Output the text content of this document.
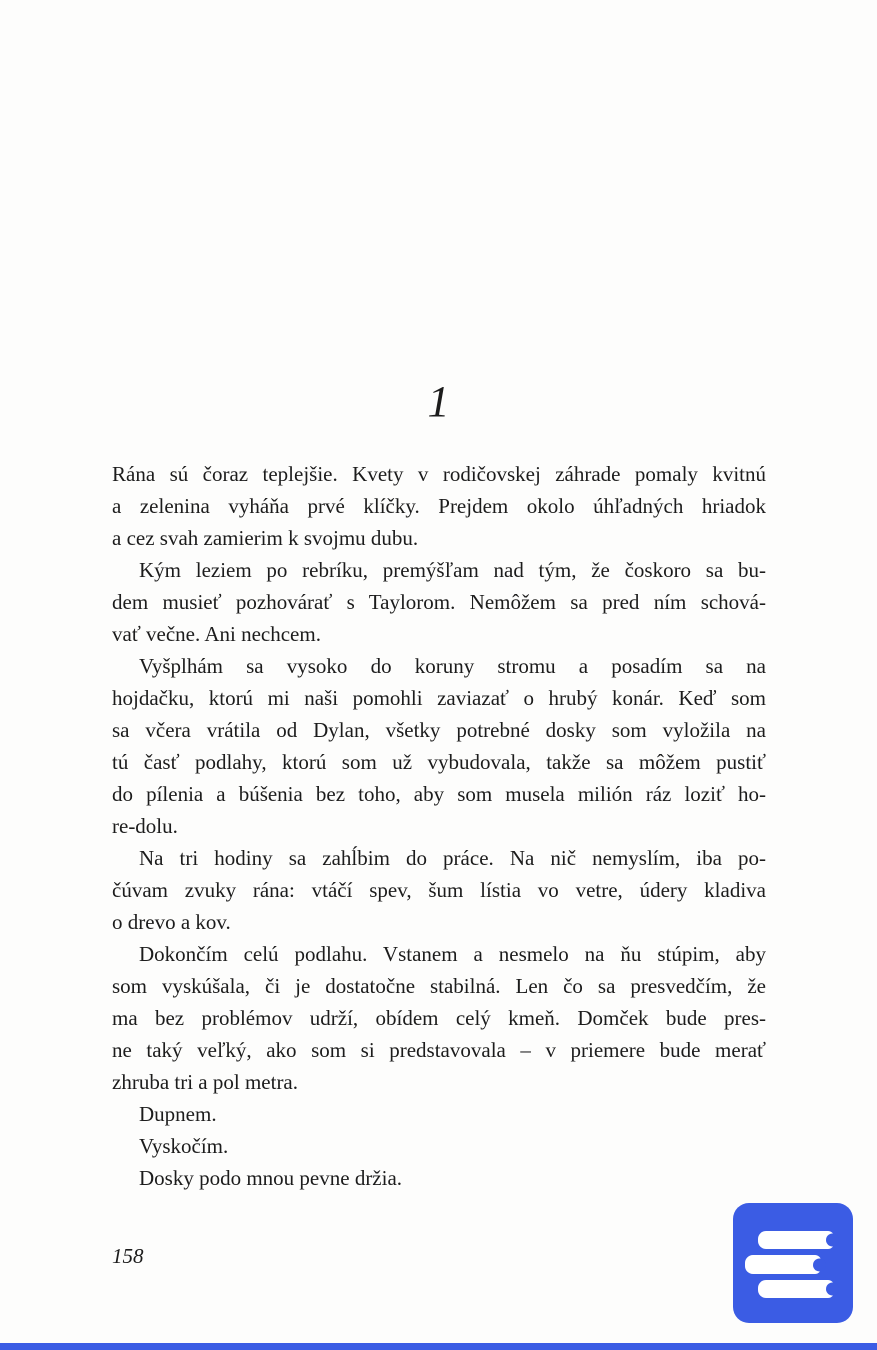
1
Rána sú čoraz teplejšie. Kvety v rodičovskej záhrade pomaly kvitnú
a zelenina vyháňa prvé klíčky. Prejdem okolo úhľadných hriadok
a cez svah zamierim k svojmu dubu.
Kým leziem po rebríku, premýšľam nad tým, že čoskoro sa bu-
dem musieť pozhovárať s Taylorom. Nemôžem sa pred ním schová-
vať večne. Ani nechcem.
Vyšplhám sa vysoko do koruny stromu a posadím sa na
hojdačku, ktorú mi naši pomohli zaviazať o hrubý konár. Keď som
sa včera vrátila od Dylan, všetky potrebné dosky som vyložila na
tú časť podlahy, ktorú som už vybudovala, takže sa môžem pustiť
do pílenia a búšenia bez toho, aby som musela milión ráz loziť ho-
re-dolu.
Na tri hodiny sa zahĺbim do práce. Na nič nemyslím, iba po-
čúvam zvuky rána: vtáčí spev, šum lístia vo vetre, údery kladiva
o drevo a kov.
Dokončím celú podlahu. Vstanem a nesmelo na ňu stúpim, aby
som vyskúšala, či je dostatočne stabilná. Len čo sa presvedčím, že
ma bez problémov udrží, obídem celý kmeň. Domček bude pres-
ne taký veľký, ako som si predstavovala – v priemere bude merať
zhruba tri a pol metra.
Dupnem.
Vyskočím.
Dosky podo mnou pevne držia.
158
